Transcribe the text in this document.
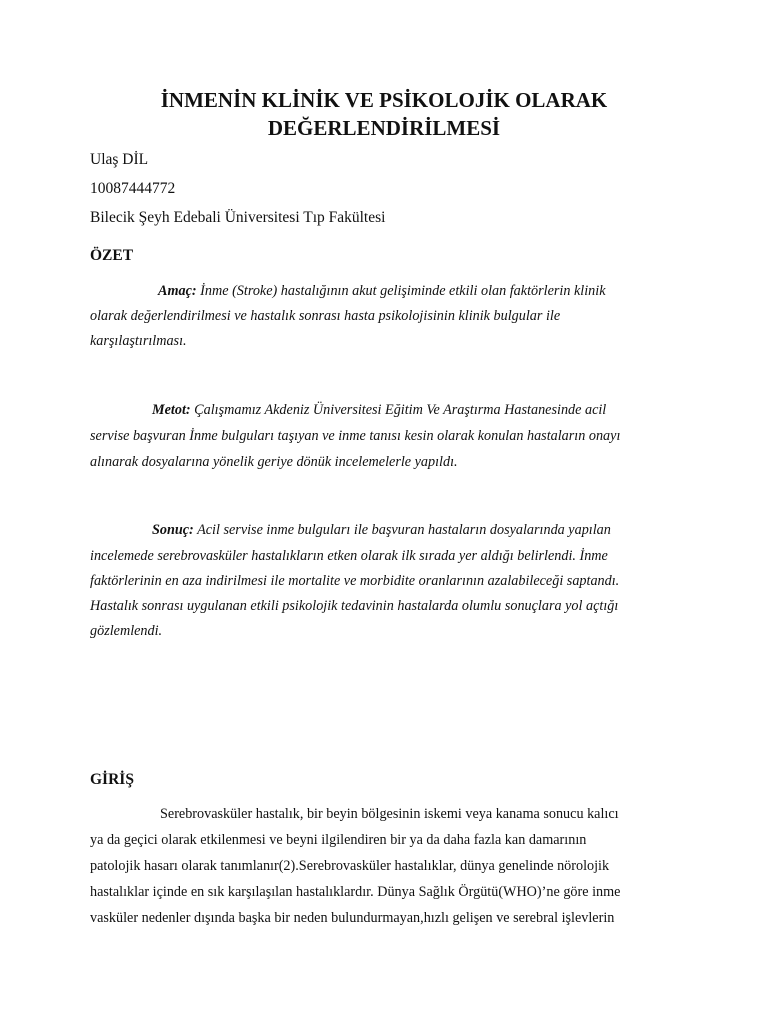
İNMENİN KLİNİK VE PSİKOLOJİK OLARAK
DEĞERLENDİRİLMESİ

Ulaş DİL

10087444772

Bilecik Şeyh Edebali Üniversitesi Tıp Fakültesi

ÖZET
Amaç: İnme (Stroke) hastalığının akut gelişiminde etkili olan faktörlerin klinik
olarak değerlendirilmesi ve hastalık sonrası hasta psikolojisinin klinik bulgular ile
karşılaştırılması.
Metot: Çalışmamız Akdeniz Üniversitesi Eğitim Ve Araştırma Hastanesinde acil
servise başvuran İnme bulguları taşıyan ve inme tanısı kesin olarak konulan hastaların onayı
alınarak dosyalarına yönelik geriye dönük incelemelerle yapıldı.
Sonuç: Acil servise inme bulguları ile başvuran hastaların dosyalarında yapılan
incelemede serebrovasküler hastalıkların etken olarak ilk sırada yer aldığı belirlendi. İnme
faktörlerinin en aza indirilmesi ile mortalite ve morbidite oranlarının azalabileceği saptandı.
Hastalık sonrası uygulanan etkili psikolojik tedavinin hastalarda olumlu sonuçlara yol açtığı
gözlemlendi.
GİRİŞ
Serebrovasküler hastalık, bir beyin bölgesinin iskemi veya kanama sonucu kalıcı
ya da geçici olarak etkilenmesi ve beyni ilgilendiren bir ya da daha fazla kan damarının
patolojik hasarı olarak tanımlanır(2).Serebrovasküler hastalıklar, dünya genelinde nörolojik
hastalıklar içinde en sık karşılaşılan hastalıklardır. Dünya Sağlık Örgütü(WHO)’ne göre inme
vasküler nedenler dışında başka bir neden bulundurmayan,hızlı gelişen ve serebral işlevlerin
